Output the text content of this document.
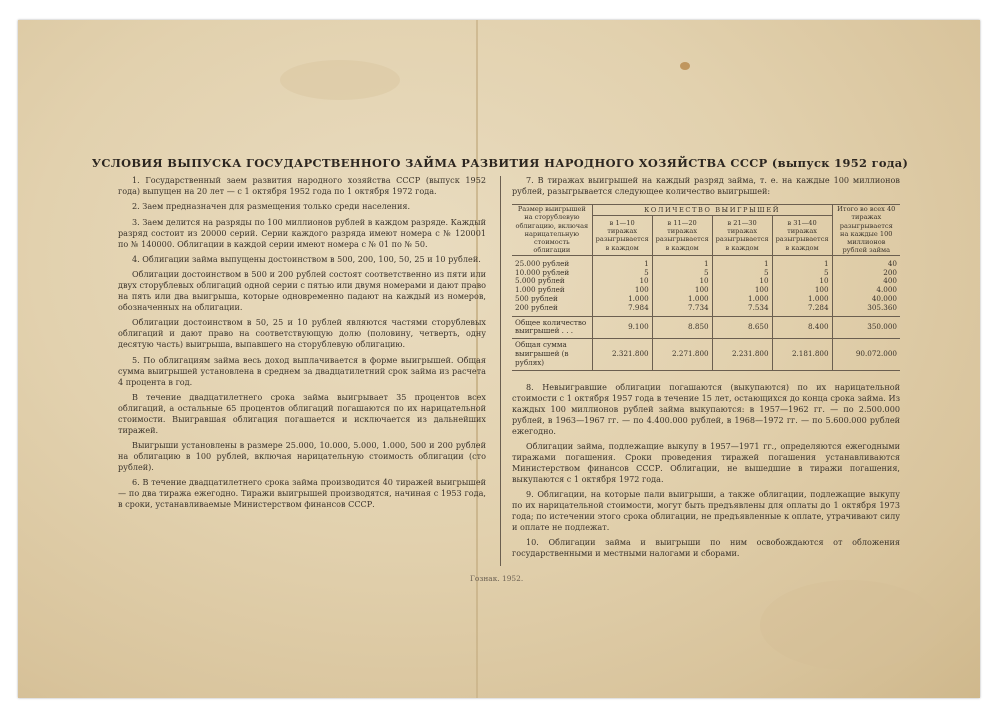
УСЛОВИЯ ВЫПУСКА ГОСУДАРСТВЕННОГО ЗАЙМА РАЗВИТИЯ НАРОДНОГО ХОЗЯЙСТВА СССР (выпуск 1952 года)

1. Государственный заем развития народного хозяйства СССР (выпуск 1952 года) выпущен на 20 лет — с 1 октября 1952 года по 1 октября 1972 года.

2. Заем предназначен для размещения только среди населения.

3. Заем делится на разряды по 100 миллионов рублей в каждом разряде. Каждый разряд состоит из 20000 серий. Серии каждого разряда имеют номера с № 120001 по № 140000. Облигации в каждой серии имеют номера с № 01 по № 50.

4. Облигации займа выпущены достоинством в 500, 200, 100, 50, 25 и 10 рублей.

Облигации достоинством в 500 и 200 рублей состоят соответственно из пяти или двух сторублевых облигаций одной серии с пятью или двумя номерами и дают право на пять или два выигрыша, которые одновременно падают на каждый из номеров, обозначенных на облигации.

Облигации достоинством в 50, 25 и 10 рублей являются частями сторублевых облигаций и дают право на соответствующую долю (половину, четверть, одну десятую часть) выигрыша, выпавшего на сторублевую облигацию.

5. По облигациям займа весь доход выплачивается в форме выигрышей. Общая сумма выигрышей установлена в среднем за двадцатилетний срок займа из расчета 4 процента в год.

В течение двадцатилетнего срока займа выигрывает 35 процентов всех облигаций, а остальные 65 процентов облигаций погашаются по их нарицательной стоимости. Выигравшая облигация погашается и исключается из дальнейших тиражей.

Выигрыши установлены в размере 25.000, 10.000, 5.000, 1.000, 500 и 200 рублей на облигацию в 100 рублей, включая нарицательную стоимость облигации (сто рублей).

6. В течение двадцатилетнего срока займа производится 40 тиражей выигрышей — по два тиража ежегодно. Тиражи выигрышей производятся, начиная с 1953 года, в сроки, устанавливаемые Министерством финансов СССР.

7. В тиражах выигрышей на каждый разряд займа, т. е. на каждые 100 миллионов рублей, разыгрывается следующее количество выигрышей:

Размер выигрышей на сторублевую облигацию, включая нарицательную стоимость облигации	КОЛИЧЕСТВО ВЫИГРЫШЕЙ				Итого во всех 40 тиражах разыгрывается на каждые 100 миллионов рублей займа
	в 1—10 тиражах разыгрывается в каждом	в 11—20 тиражах разыгрывается в каждом	в 21—30 тиражах разыгрывается в каждом	в 31—40 тиражах разыгрывается в каждом	
25.000 рублей	1	1	1	1	40
10.000 рублей	5	5	5	5	200
5.000 рублей	10	10	10	10	400
1.000 рублей	100	100	100	100	4.000
500 рублей	1.000	1.000	1.000	1.000	40.000
200 рублей	7.984	7.734	7.534	7.284	305.360
Общее количество выигрышей . . .	9.100	8.850	8.650	8.400	350.000
Общая сумма выигрышей (в рублях)	2.321.800	2.271.800	2.231.800	2.181.800	90.072.000

8. Невыигравшие облигации погашаются (выкупаются) по их нарицательной стоимости с 1 октября 1957 года в течение 15 лет, остающихся до конца срока займа. Из каждых 100 миллионов рублей займа выкупаются: в 1957—1962 гг. — по 2.500.000 рублей, в 1963—1967 гг. — по 4.400.000 рублей, в 1968—1972 гг. — по 5.600.000 рублей ежегодно.

Облигации займа, подлежащие выкупу в 1957—1971 гг., определяются ежегодными тиражами погашения. Сроки проведения тиражей погашения устанавливаются Министерством финансов СССР. Облигации, не вышедшие в тиражи погашения, выкупаются с 1 октября 1972 года.

9. Облигации, на которые пали выигрыши, а также облигации, подлежащие выкупу по их нарицательной стоимости, могут быть предъявлены для оплаты до 1 октября 1973 года; по истечении этого срока облигации, не предъявленные к оплате, утрачивают силу и оплате не подлежат.

10. Облигации займа и выигрыши по ним освобождаются от обложения государственными и местными налогами и сборами.

Гознак. 1952.
